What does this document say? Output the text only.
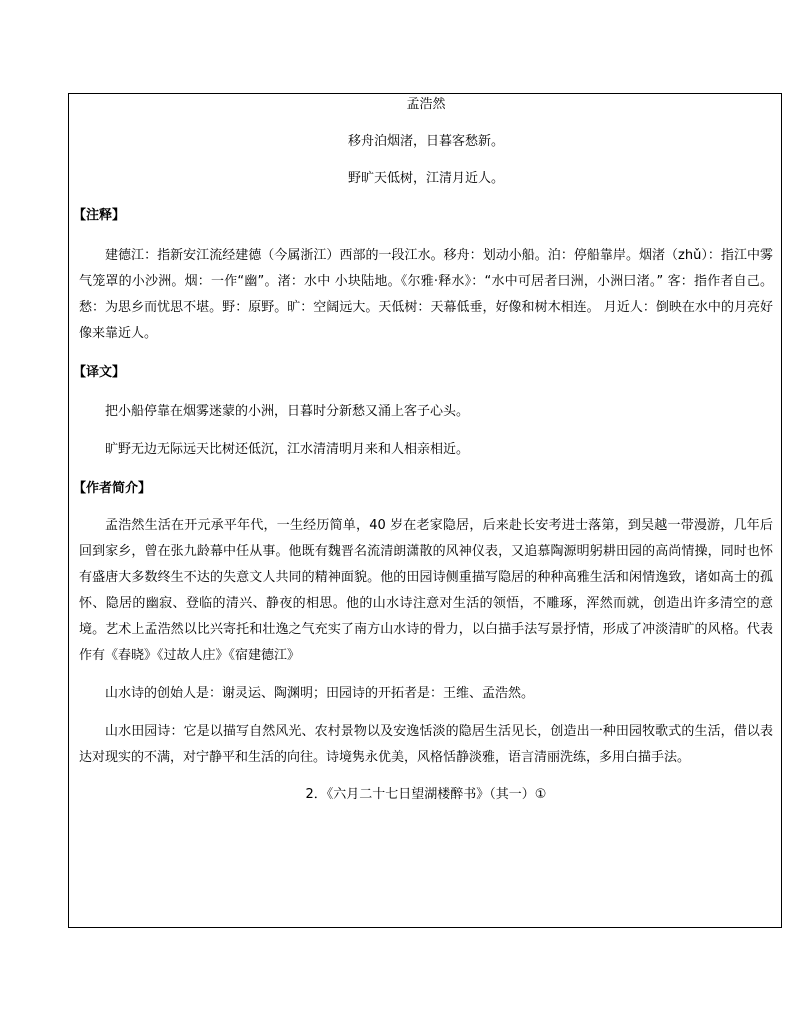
孟浩然

移舟泊烟渚，日暮客愁新。

野旷天低树，江清月近人。

【注释】

建德江：指新安江流经建德（今属浙江）西部的一段江水。移舟：划动小船。泊：停船靠岸。烟渚（zhǔ）：指江中雾气笼罩的小沙洲。烟：一作“幽”。渚：水中 小块陆地。《尔雅·释水》：“水中可居者曰洲，小洲曰渚。” 客：指作者自己。愁：为思乡而忧思不堪。野：原野。旷：空阔远大。天低树：天幕低垂，好像和树木相连。 月近人：倒映在水中的月亮好像来靠近人。

【译文】

把小船停靠在烟雾迷蒙的小洲，日暮时分新愁又涌上客子心头。

旷野无边无际远天比树还低沉，江水清清明月来和人相亲相近。

【作者简介】

孟浩然生活在开元承平年代，一生经历简单，40 岁在老家隐居，后来赴长安考进士落第，到吴越一带漫游，几年后回到家乡，曾在张九龄幕中任从事。他既有魏晋名流清朗潇散的风神仪表，又追慕陶源明躬耕田园的高尚情操，同时也怀有盛唐大多数终生不达的失意文人共同的精神面貌。他的田园诗侧重描写隐居的种种高雅生活和闲情逸致，诸如高士的孤怀、隐居的幽寂、登临的清兴、静夜的相思。他的山水诗注意对生活的领悟，不雕琢，浑然而就，创造出许多清空的意境。艺术上孟浩然以比兴寄托和壮逸之气充实了南方山水诗的骨力，以白描手法写景抒情，形成了冲淡清旷的风格。代表作有《春晓》《过故人庄》《宿建德江》

山水诗的创始人是：谢灵运、陶渊明；田园诗的开拓者是：王维、孟浩然。

山水田园诗：它是以描写自然风光、农村景物以及安逸恬淡的隐居生活见长，创造出一种田园牧歌式的生活，借以表达对现实的不满，对宁静平和生活的向往。诗境隽永优美，风格恬静淡雅，语言清丽洗练，多用白描手法。

2．《六月二十七日望湖楼醉书》（其一）①
